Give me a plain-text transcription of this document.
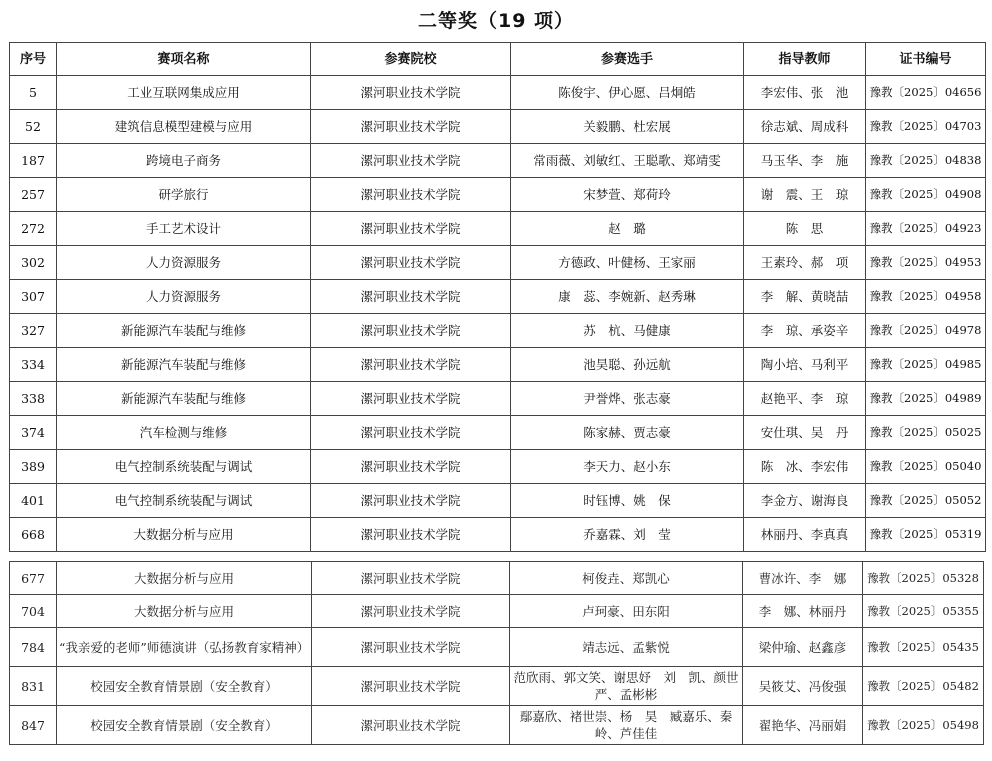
二等奖（19 项）
序号	赛项名称	参赛院校	参赛选手	指导教师	证书编号
5	工业互联网集成应用	漯河职业技术学院	陈俊宇、伊心愿、吕炯皓	李宏伟、张　池	豫教〔2025〕04656
52	建筑信息模型建模与应用	漯河职业技术学院	关毅鹏、杜宏展	徐志斌、周成科	豫教〔2025〕04703
187	跨境电子商务	漯河职业技术学院	常雨薇、刘敏红、王聪歌、郑靖雯	马玉华、李　施	豫教〔2025〕04838
257	研学旅行	漯河职业技术学院	宋梦萱、郑荷玲	谢　震、王　琼	豫教〔2025〕04908
272	手工艺术设计	漯河职业技术学院	赵　璐	陈　思	豫教〔2025〕04923
302	人力资源服务	漯河职业技术学院	方德政、叶健杨、王家丽	王素玲、郝　项	豫教〔2025〕04953
307	人力资源服务	漯河职业技术学院	康　蕊、李婉新、赵秀琳	李　解、黄晓喆	豫教〔2025〕04958
327	新能源汽车装配与维修	漯河职业技术学院	苏　杭、马健康	李　琼、承姿辛	豫教〔2025〕04978
334	新能源汽车装配与维修	漯河职业技术学院	池昊聪、孙远航	陶小培、马利平	豫教〔2025〕04985
338	新能源汽车装配与维修	漯河职业技术学院	尹誉烨、张志豪	赵艳平、李　琼	豫教〔2025〕04989
374	汽车检测与维修	漯河职业技术学院	陈家赫、贾志豪	安仕琪、吴　丹	豫教〔2025〕05025
389	电气控制系统装配与调试	漯河职业技术学院	李天力、赵小东	陈　冰、李宏伟	豫教〔2025〕05040
401	电气控制系统装配与调试	漯河职业技术学院	时钰博、姚　保	李金方、谢海良	豫教〔2025〕05052
668	大数据分析与应用	漯河职业技术学院	乔嘉霖、刘　莹	林丽丹、李真真	豫教〔2025〕05319
677	大数据分析与应用	漯河职业技术学院	柯俊垚、郑凯心	曹冰许、李　娜	豫教〔2025〕05328
704	大数据分析与应用	漯河职业技术学院	卢珂豪、田东阳	李　娜、林丽丹	豫教〔2025〕05355
784	“我亲爱的老师”师德演讲（弘扬教育家精神）	漯河职业技术学院	靖志远、孟紫悦	梁仲瑜、赵鑫彦	豫教〔2025〕05435
831	校园安全教育情景剧（安全教育）	漯河职业技术学院	范欣雨、郭文笑、谢思妤　刘　凯、颜世严、孟彬彬	吴筱艾、冯俊强	豫教〔2025〕05482
847	校园安全教育情景剧（安全教育）	漯河职业技术学院	鄢嘉欣、褚世崇、杨　昊　臧嘉乐、秦　岭、芦佳佳	翟艳华、冯丽娟	豫教〔2025〕05498
